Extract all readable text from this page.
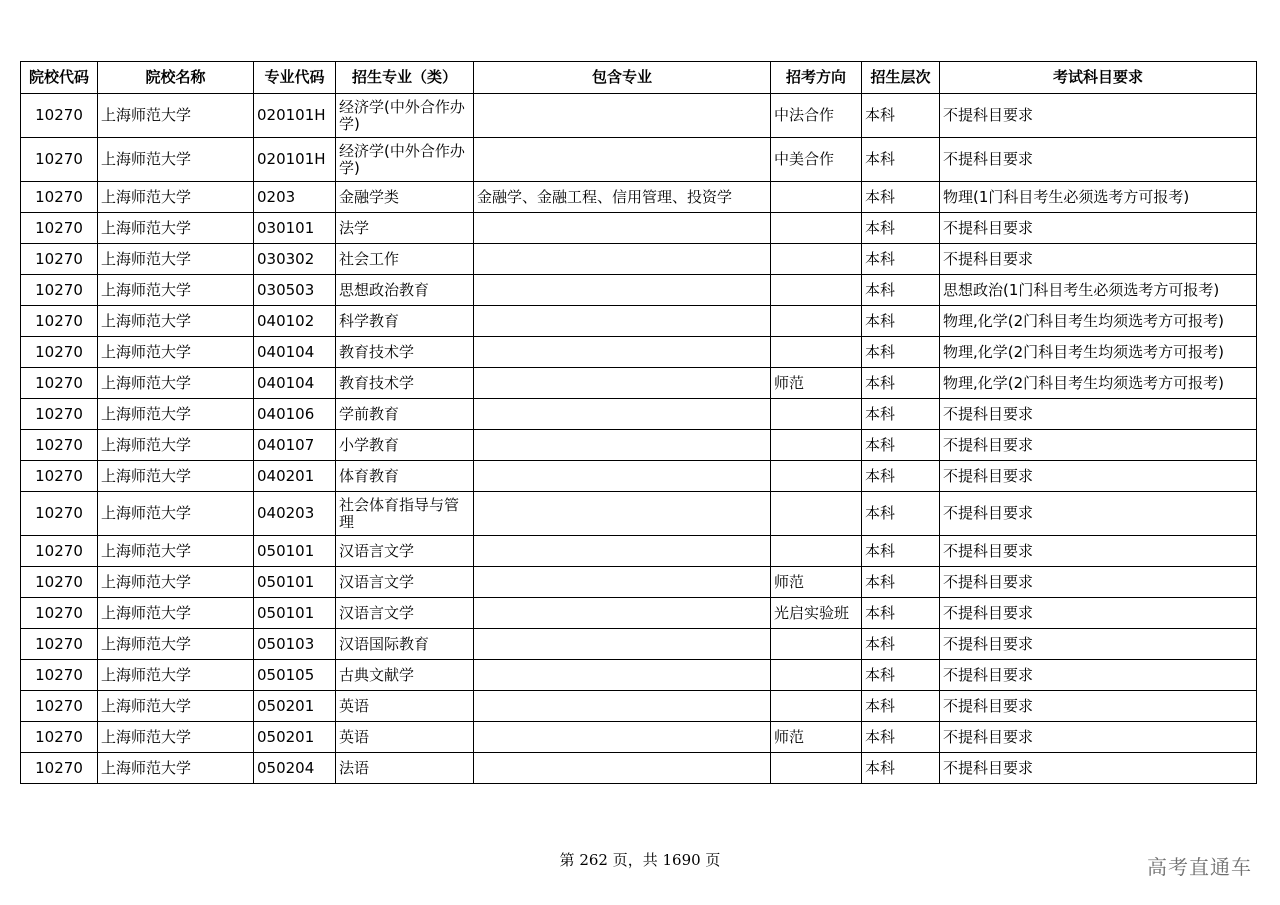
院校代码	院校名称	专业代码	招生专业（类）	包含专业	招考方向	招生层次	考试科目要求
10270	上海师范大学	020101H	经济学(中外合作办学)		中法合作	本科	不提科目要求
10270	上海师范大学	020101H	经济学(中外合作办学)		中美合作	本科	不提科目要求
10270	上海师范大学	0203	金融学类	金融学、金融工程、信用管理、投资学		本科	物理(1门科目考生必须选考方可报考)
10270	上海师范大学	030101	法学			本科	不提科目要求
10270	上海师范大学	030302	社会工作			本科	不提科目要求
10270	上海师范大学	030503	思想政治教育			本科	思想政治(1门科目考生必须选考方可报考)
10270	上海师范大学	040102	科学教育			本科	物理,化学(2门科目考生均须选考方可报考)
10270	上海师范大学	040104	教育技术学			本科	物理,化学(2门科目考生均须选考方可报考)
10270	上海师范大学	040104	教育技术学		师范	本科	物理,化学(2门科目考生均须选考方可报考)
10270	上海师范大学	040106	学前教育			本科	不提科目要求
10270	上海师范大学	040107	小学教育			本科	不提科目要求
10270	上海师范大学	040201	体育教育			本科	不提科目要求
10270	上海师范大学	040203	社会体育指导与管理			本科	不提科目要求
10270	上海师范大学	050101	汉语言文学			本科	不提科目要求
10270	上海师范大学	050101	汉语言文学		师范	本科	不提科目要求
10270	上海师范大学	050101	汉语言文学		光启实验班	本科	不提科目要求
10270	上海师范大学	050103	汉语国际教育			本科	不提科目要求
10270	上海师范大学	050105	古典文献学			本科	不提科目要求
10270	上海师范大学	050201	英语			本科	不提科目要求
10270	上海师范大学	050201	英语		师范	本科	不提科目要求
10270	上海师范大学	050204	法语			本科	不提科目要求
第 262 页，共 1690 页	高考直通车
